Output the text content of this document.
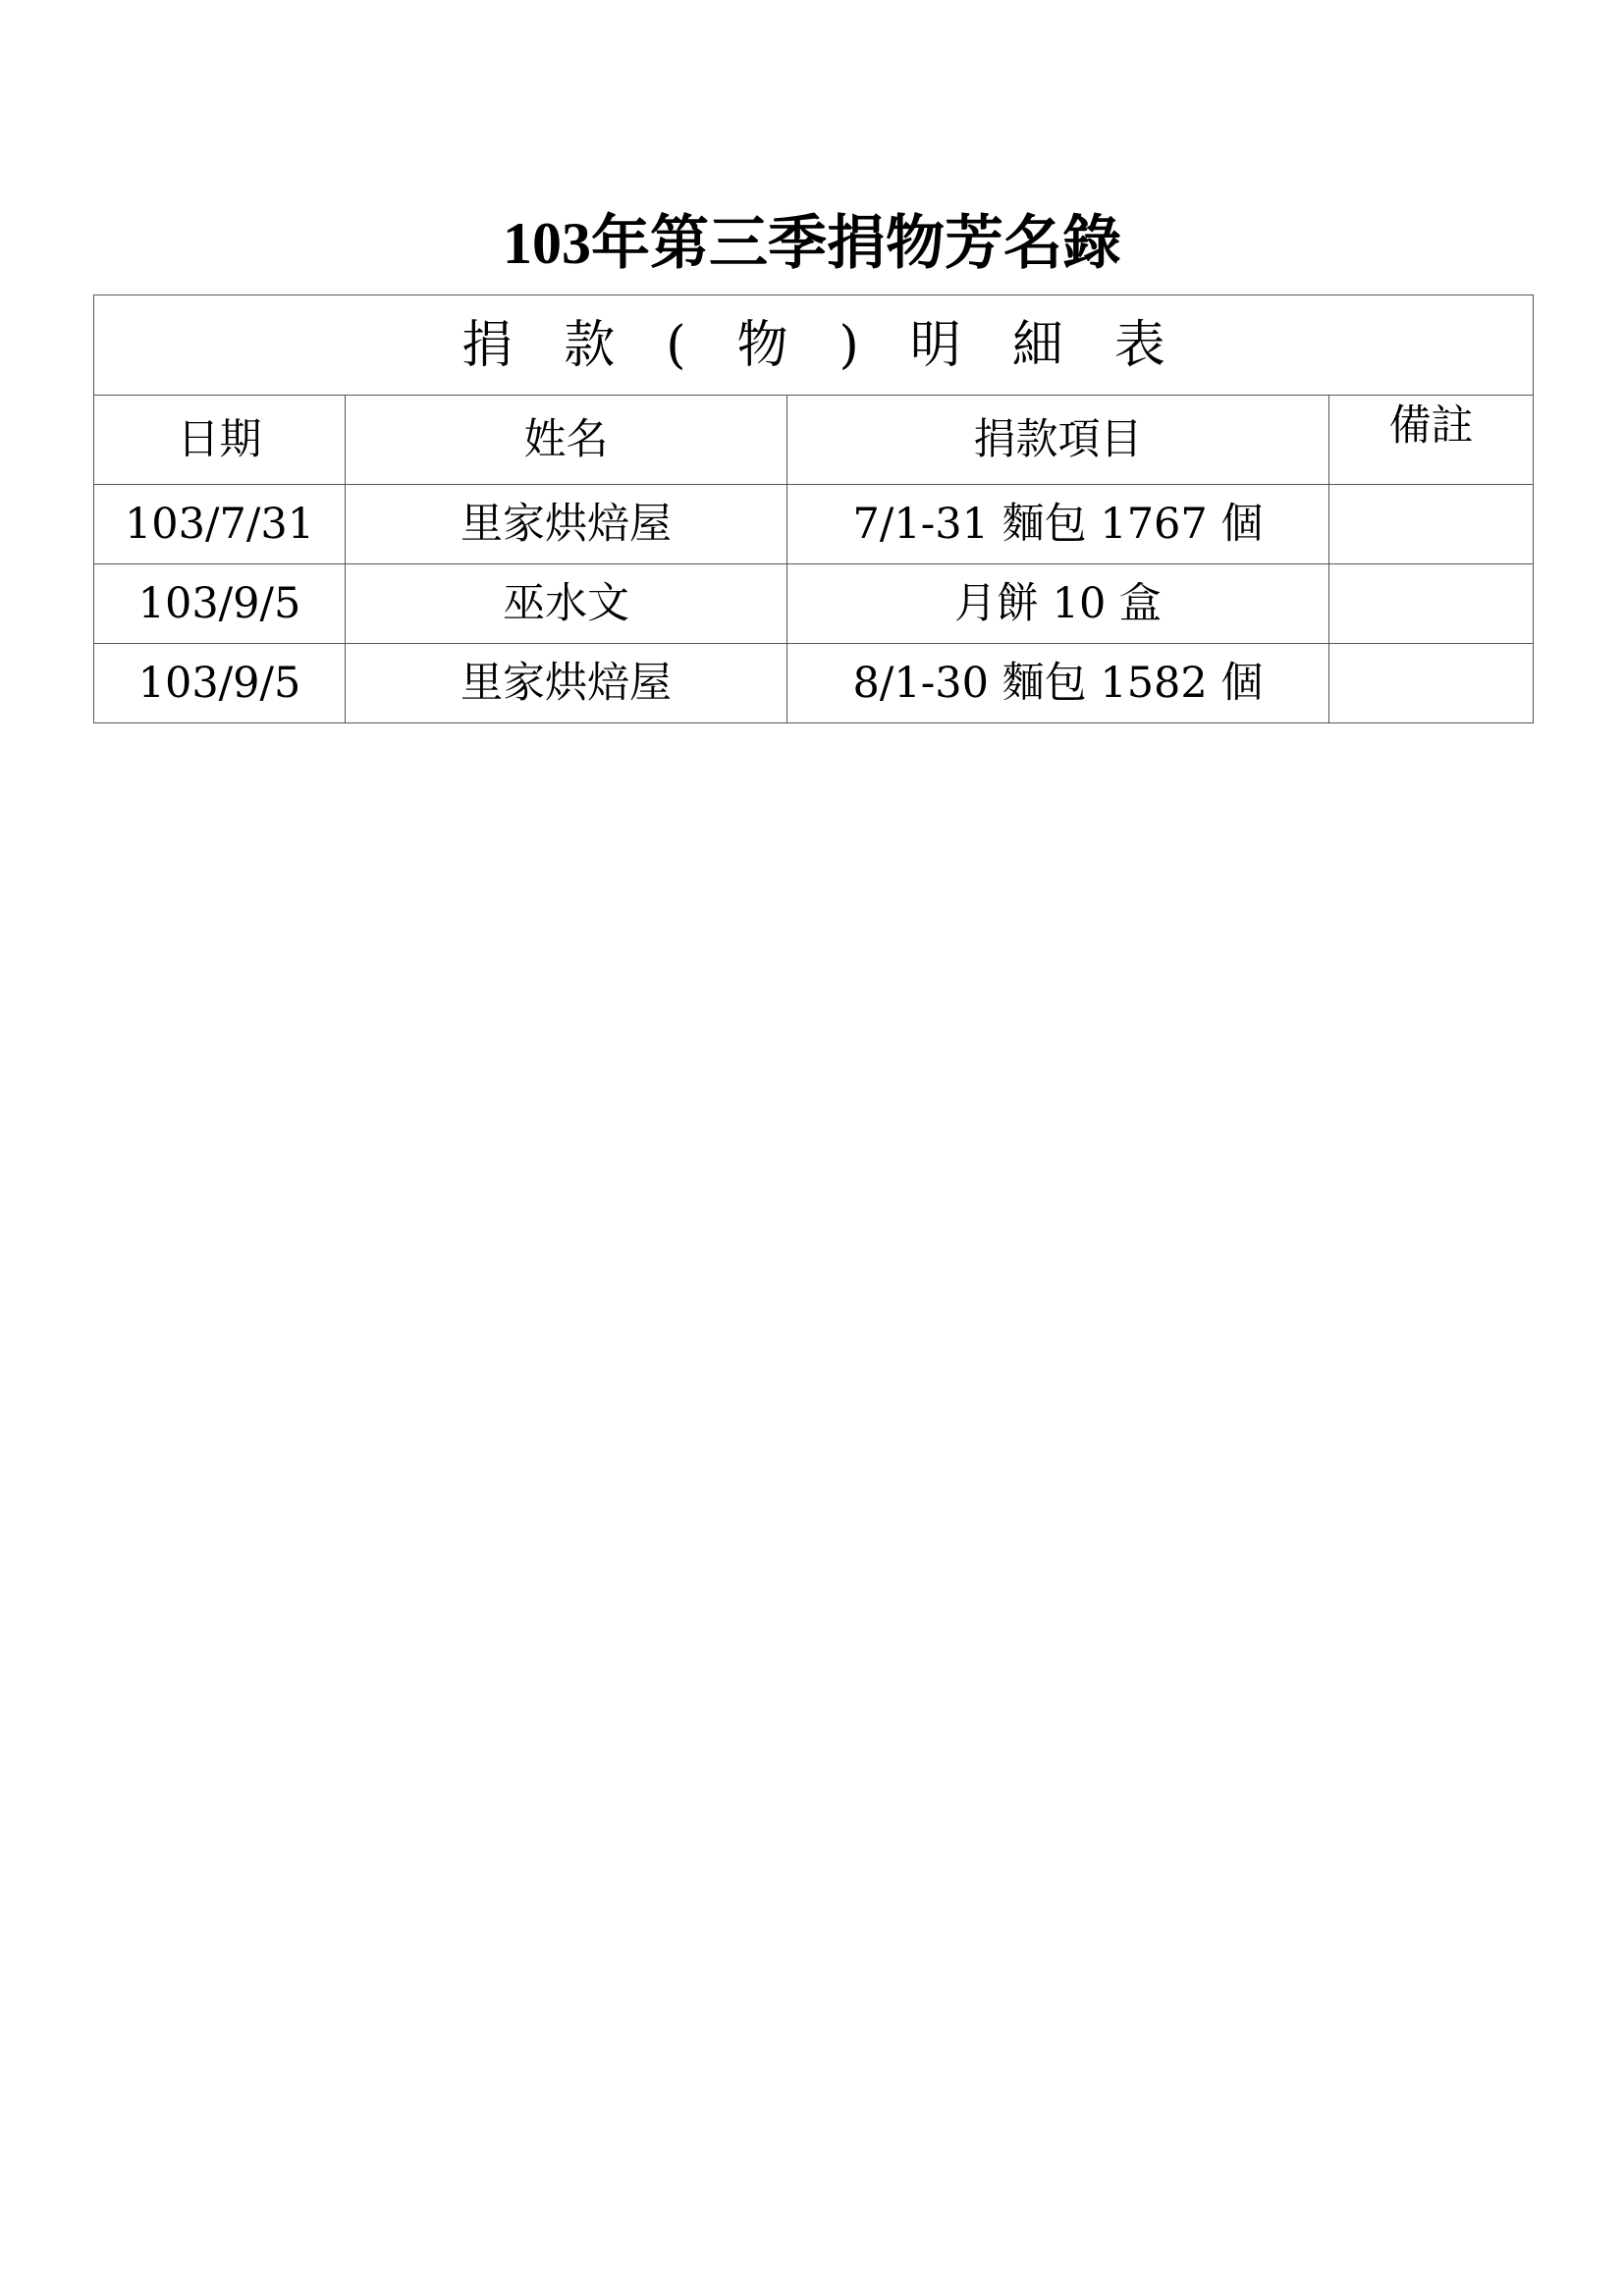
103年第三季捐物芳名錄
捐款(物)明細表			
日期	姓名	捐款項目	備註
103/7/31	里家烘焙屋	7/1-31 麵包 1767 個	
103/9/5	巫水文	月餅 10 盒	
103/9/5	里家烘焙屋	8/1-30 麵包 1582 個	
